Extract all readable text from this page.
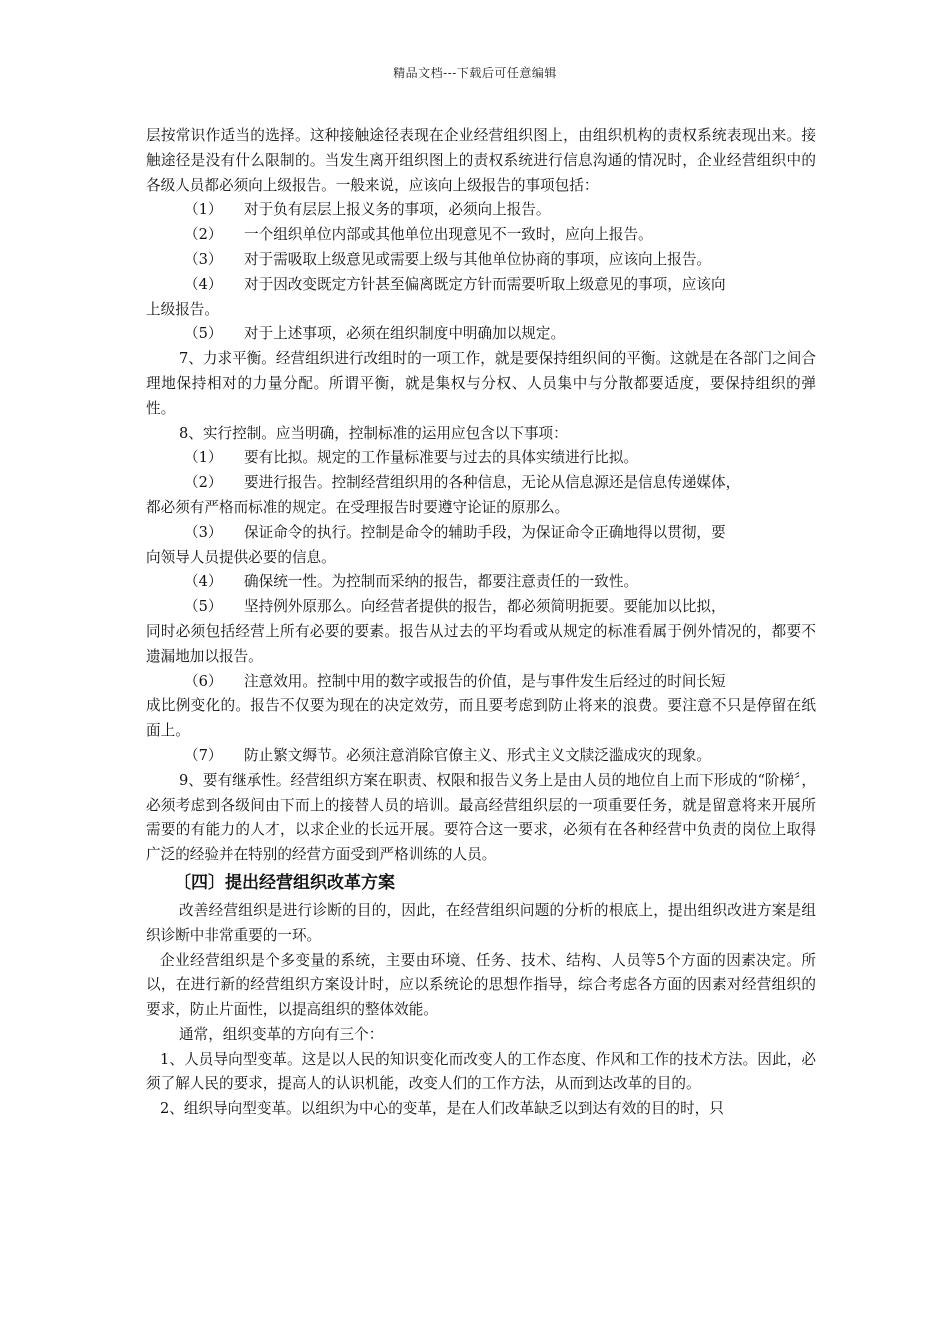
精品文档---下载后可任意编辑

层按常识作适当的选择。这种接触途径表现在企业经营组织图上，由组织机构的责权系统表现出来。接触途径是没有什么限制的。当发生离开组织图上的责权系统进行信息沟通的情况时，企业经营组织中的各级人员都必须向上级报告。一般来说，应该向上级报告的事项包括：

（1）	对于负有层层上报义务的事项，必须向上报告。
（2）	一个组织单位内部或其他单位出现意见不一致时，应向上报告。
（3）	对于需吸取上级意见或需要上级与其他单位协商的事项，应该向上报告。
（4）	对于因改变既定方针甚至偏离既定方针而需要听取上级意见的事项，应该向

上级报告。

（5）	对于上述事项，必须在组织制度中明确加以规定。

7、力求平衡。经营组织进行改组时的一项工作，就是要保持组织间的平衡。这就是在各部门之间合理地保持相对的力量分配。所谓平衡，就是集权与分权、人员集中与分散都要适度，要保持组织的弹性。

8、实行控制。应当明确，控制标准的运用应包含以下事项：

（1）	要有比拟。规定的工作量标准要与过去的具体实绩进行比拟。
（2）	要进行报告。控制经营组织用的各种信息，无论从信息源还是信息传递媒体，

都必须有严格而标准的规定。在受理报告时要遵守论证的原那么。

（3）	保证命令的执行。控制是命令的辅助手段，为保证命令正确地得以贯彻，要

向领导人员提供必要的信息。

（4）	确保统一性。为控制而采纳的报告，都要注意责任的一致性。
（5）	坚持例外原那么。向经营者提供的报告，都必须简明扼要。要能加以比拟，

同时必须包括经营上所有必要的要素。报告从过去的平均看或从规定的标准看属于例外情况的，都要不遗漏地加以报告。

（6）	注意效用。控制中用的数字或报告的价值，是与事件发生后经过的时间长短

成比例变化的。报告不仅要为现在的决定效劳，而且要考虑到防止将来的浪费。要注意不只是停留在纸面上。

（7）	防止繁文缛节。必须注意消除官僚主义、形式主义文牍泛滥成灾的现象。

9、要有继承性。经营组织方案在职责、权限和报告义务上是由人员的地位自上而下形成的“阶梯〞，必须考虑到各级间由下而上的接替人员的培训。最高经营组织层的一项重要任务，就是留意将来开展所需要的有能力的人才，以求企业的长远开展。要符合这一要求，必须有在各种经营中负责的岗位上取得广泛的经验并在特别的经营方面受到严格训练的人员。

〔四〕提出经营组织改革方案

改善经营组织是进行诊断的目的，因此，在经营组织问题的分析的根底上，提出组织改进方案是组织诊断中非常重要的一环。

企业经营组织是个多变量的系统，主要由环境、任务、技术、结构、人员等5个方面的因素决定。所以，在进行新的经营组织方案设计时，应以系统论的思想作指导，综合考虑各方面的因素对经营组织的要求，防止片面性，以提高组织的整体效能。

通常，组织变革的方向有三个：

1、人员导向型变革。这是以人民的知识变化而改变人的工作态度、作风和工作的技术方法。因此，必须了解人民的要求，提高人的认识机能，改变人们的工作方法，从而到达改革的目的。

2、组织导向型变革。以组织为中心的变革，是在人们改革缺乏以到达有效的目的时，只
